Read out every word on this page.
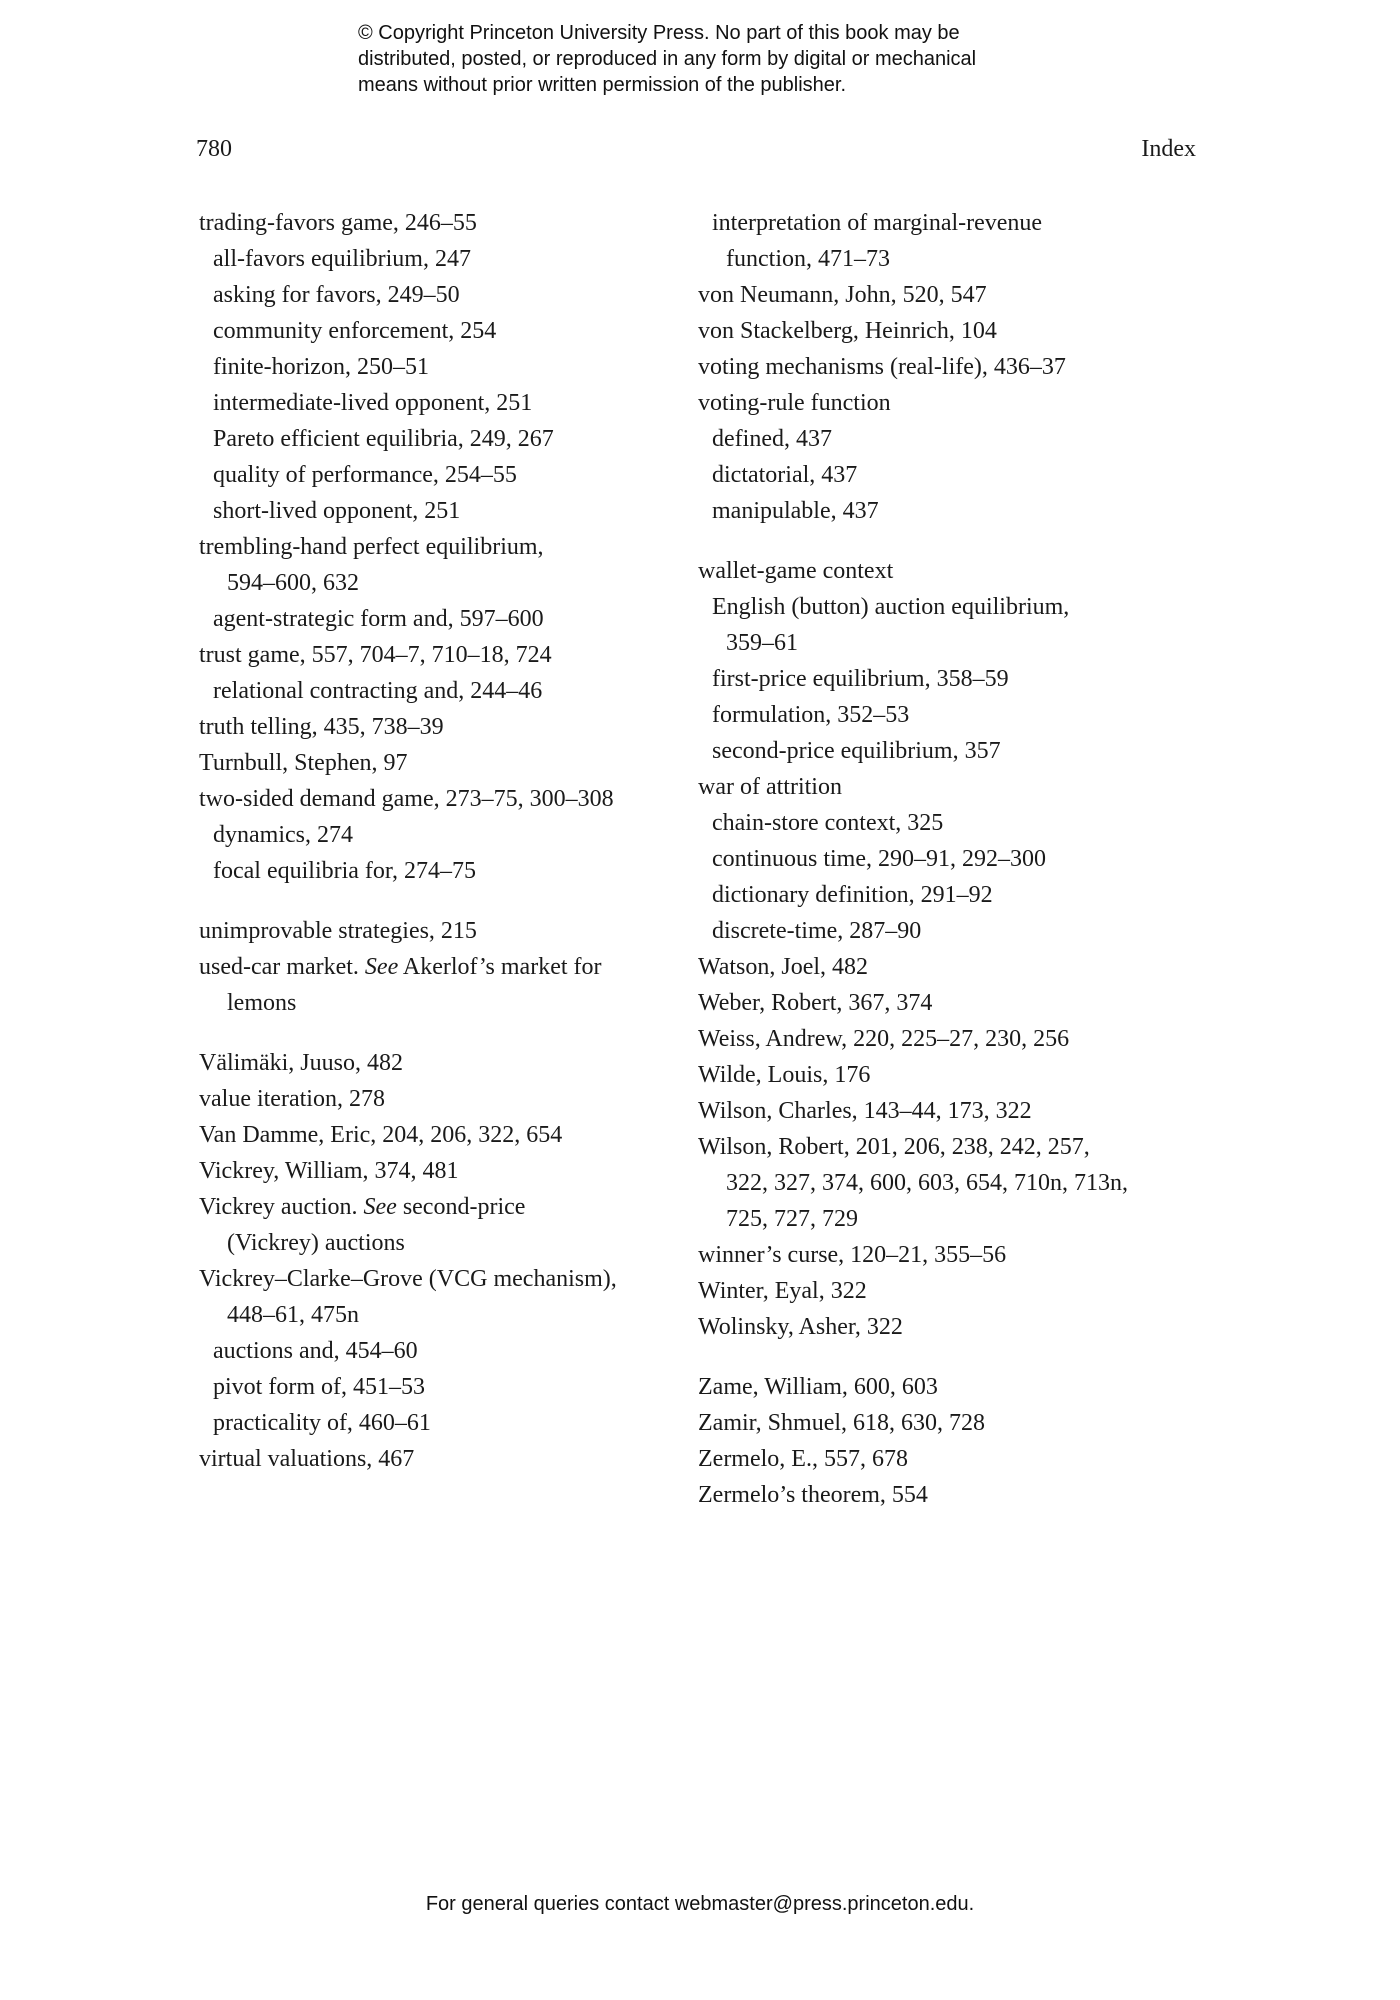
© Copyright Princeton University Press. No part of this book may be
distributed, posted, or reproduced in any form by digital or mechanical
means without prior written permission of the publisher.
780	Index
trading-favors game, 246–55
all-favors equilibrium, 247
asking for favors, 249–50
community enforcement, 254
finite-horizon, 250–51
intermediate-lived opponent, 251
Pareto efficient equilibria, 249, 267
quality of performance, 254–55
short-lived opponent, 251
trembling-hand perfect equilibrium,
594–600, 632
agent-strategic form and, 597–600
trust game, 557, 704–7, 710–18, 724
relational contracting and, 244–46
truth telling, 435, 738–39
Turnbull, Stephen, 97
two-sided demand game, 273–75, 300–308
dynamics, 274
focal equilibria for, 274–75
unimprovable strategies, 215
used-car market. See Akerlof’s market for
lemons
Välimäki, Juuso, 482
value iteration, 278
Van Damme, Eric, 204, 206, 322, 654
Vickrey, William, 374, 481
Vickrey auction. See second-price
(Vickrey) auctions
Vickrey–Clarke–Grove (VCG mechanism),
448–61, 475n
auctions and, 454–60
pivot form of, 451–53
practicality of, 460–61
virtual valuations, 467
interpretation of marginal-revenue
function, 471–73
von Neumann, John, 520, 547
von Stackelberg, Heinrich, 104
voting mechanisms (real-life), 436–37
voting-rule function
defined, 437
dictatorial, 437
manipulable, 437
wallet-game context
English (button) auction equilibrium,
359–61
first-price equilibrium, 358–59
formulation, 352–53
second-price equilibrium, 357
war of attrition
chain-store context, 325
continuous time, 290–91, 292–300
dictionary definition, 291–92
discrete-time, 287–90
Watson, Joel, 482
Weber, Robert, 367, 374
Weiss, Andrew, 220, 225–27, 230, 256
Wilde, Louis, 176
Wilson, Charles, 143–44, 173, 322
Wilson, Robert, 201, 206, 238, 242, 257,
322, 327, 374, 600, 603, 654, 710n, 713n,
725, 727, 729
winner’s curse, 120–21, 355–56
Winter, Eyal, 322
Wolinsky, Asher, 322
Zame, William, 600, 603
Zamir, Shmuel, 618, 630, 728
Zermelo, E., 557, 678
Zermelo’s theorem, 554
For general queries contact webmaster@press.princeton.edu.
